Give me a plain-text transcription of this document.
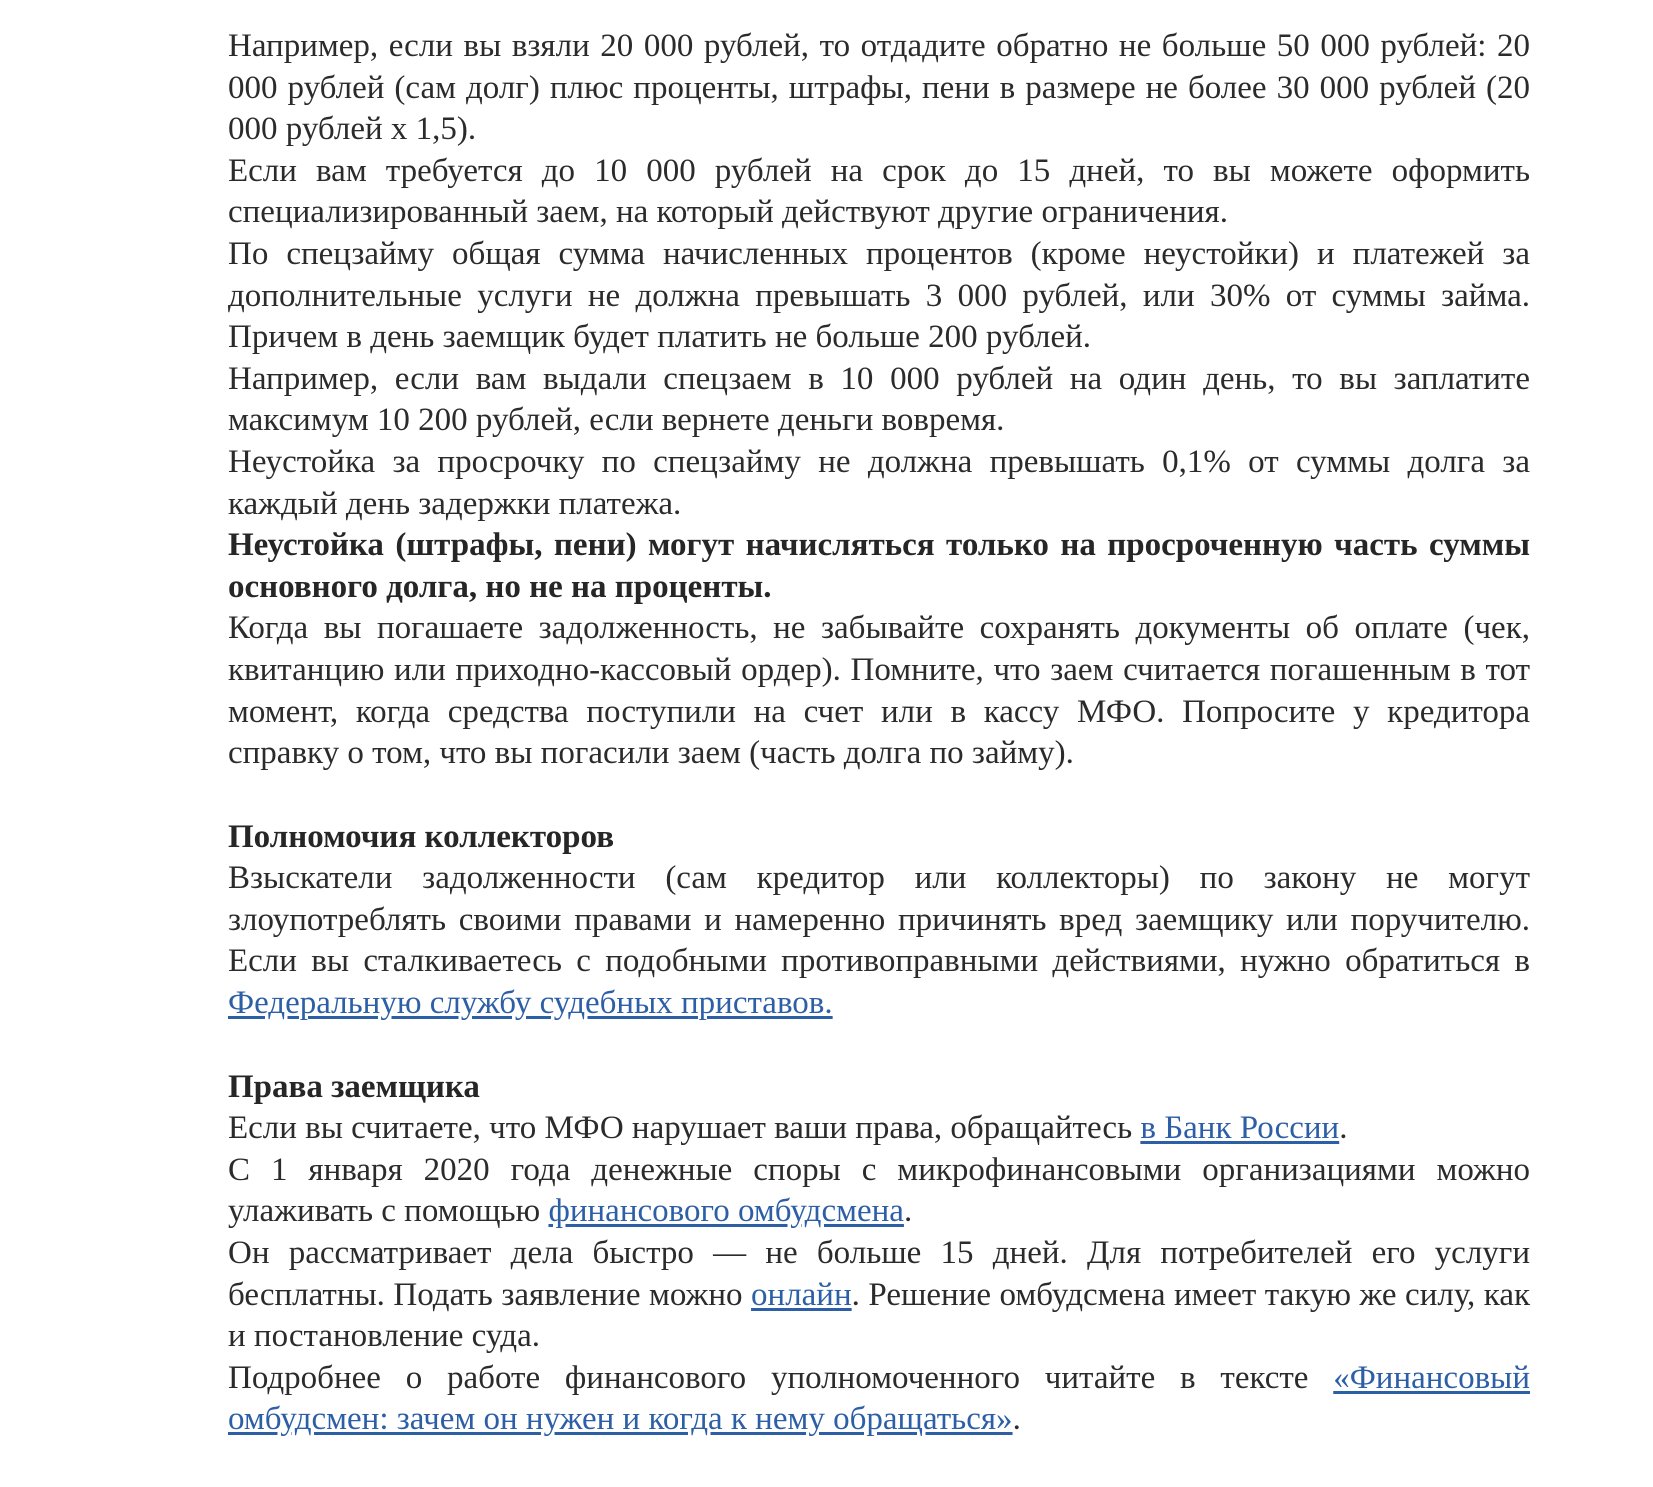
Например, если вы взяли 20 000 рублей, то отдадите обратно не больше 50 000 рублей: 20 000 рублей (сам долг) плюс проценты, штрафы, пени в размере не более 30 000 рублей (20 000 рублей х 1,5).

Если вам требуется до 10 000 рублей на срок до 15 дней, то вы можете оформить специализированный заем, на который действуют другие ограничения.

По спецзайму общая сумма начисленных процентов (кроме неустойки) и платежей за дополнительные услуги не должна превышать 3 000 рублей, или 30% от суммы займа. Причем в день заемщик будет платить не больше 200 рублей.

Например, если вам выдали спецзаем в 10 000 рублей на один день, то вы заплатите максимум 10 200 рублей, если вернете деньги вовремя.

Неустойка за просрочку по спецзайму не должна превышать 0,1% от суммы долга за каждый день задержки платежа.

Неустойка (штрафы, пени) могут начисляться только на просроченную часть суммы основного долга, но не на проценты.

Когда вы погашаете задолженность, не забывайте сохранять документы об оплате (чек, квитанцию или приходно-кассовый ордер). Помните, что заем считается погашенным в тот момент, когда средства поступили на счет или в кассу МФО. Попросите у кредитора справку о том, что вы погасили заем (часть долга по займу).

Полномочия коллекторов

Взыскатели задолженности (сам кредитор или коллекторы) по закону не могут злоупотреблять своими правами и намеренно причинять вред заемщику или поручителю. Если вы сталкиваетесь с подобными противоправными действиями, нужно обратиться в Федеральную службу судебных приставов.

Права заемщика

Если вы считаете, что МФО нарушает ваши права, обращайтесь в Банк России.

С 1 января 2020 года денежные споры с микрофинансовыми организациями можно улаживать с помощью финансового омбудсмена.

Он рассматривает дела быстро — не больше 15 дней. Для потребителей его услуги бесплатны. Подать заявление можно онлайн. Решение омбудсмена имеет такую же силу, как и постановление суда.

Подробнее о работе финансового уполномоченного читайте в тексте «Финансовый омбудсмен: зачем он нужен и когда к нему обращаться».
